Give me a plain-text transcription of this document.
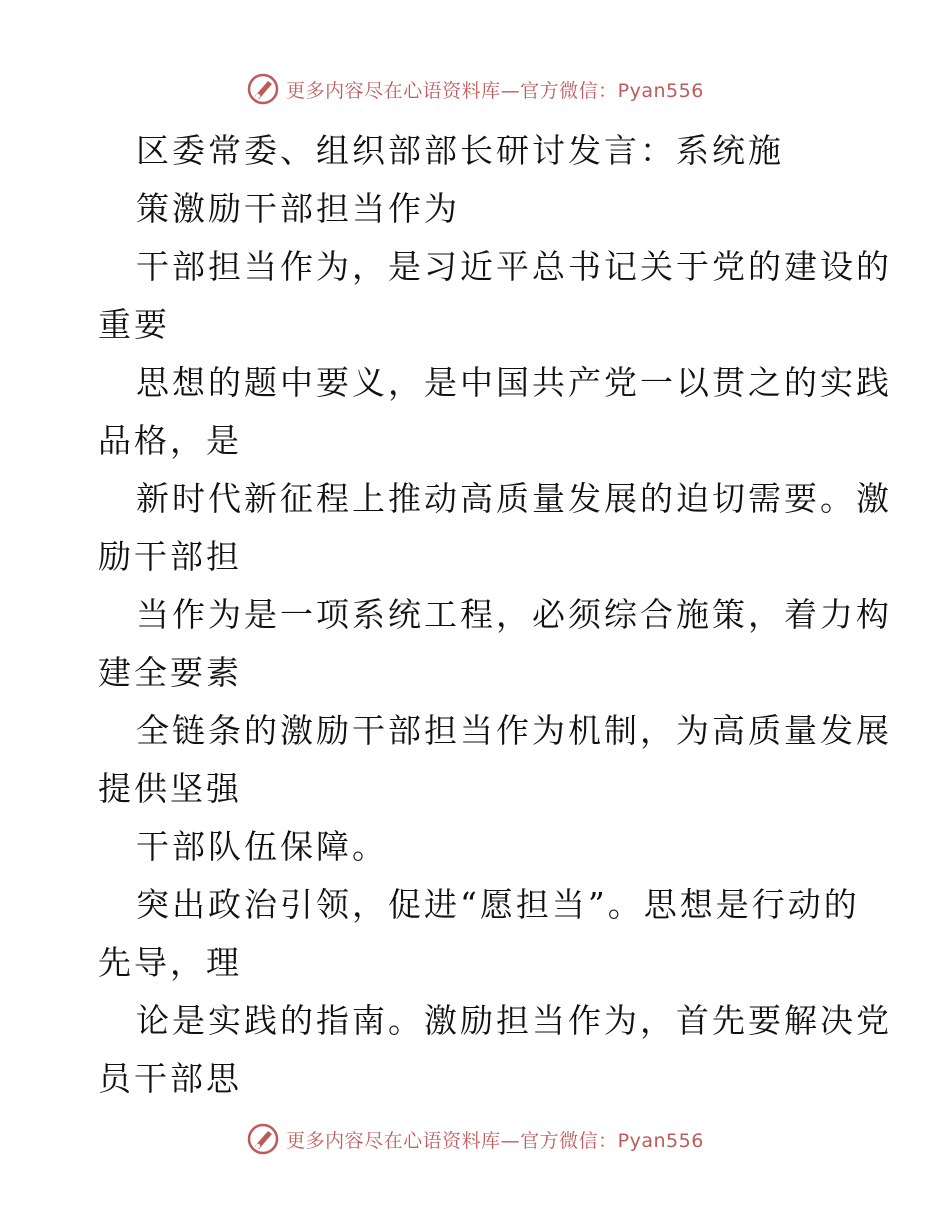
更多内容尽在心语资料库—官方微信：Pyan556
区委常委、组织部部长研讨发言：系统施
策激励干部担当作为
干部担当作为，是习近平总书记关于党的建设的
重要
思想的题中要义，是中国共产党一以贯之的实践
品格，是
新时代新征程上推动高质量发展的迫切需要。激
励干部担
当作为是一项系统工程，必须综合施策，着力构
建全要素
全链条的激励干部担当作为机制，为高质量发展
提供坚强
干部队伍保障。
突出政治引领，促进“愿担当”。思想是行动的
先导，理
论是实践的指南。激励担当作为，首先要解决党
员干部思
更多内容尽在心语资料库—官方微信：Pyan556
